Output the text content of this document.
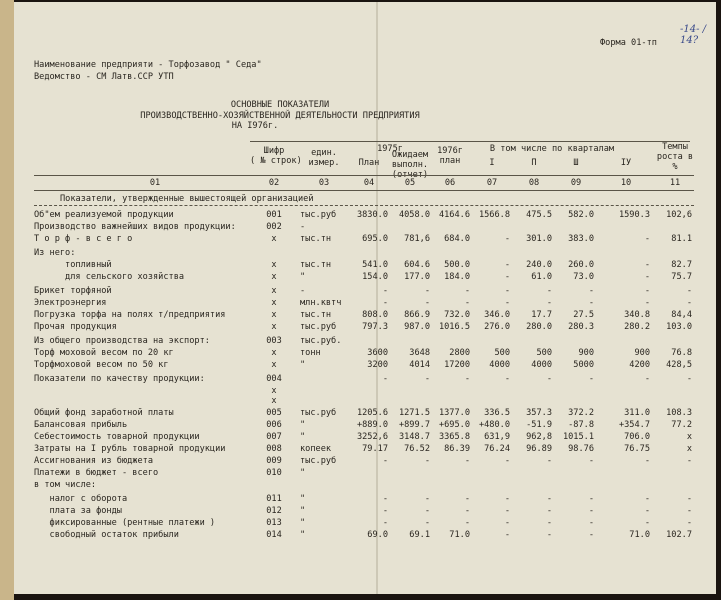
Форма 01-тп
-14- / 14?
Наименование предприяти - Торфозавод " Седа"
Ведомство - СМ Латв.ССР УТП
ОСНОВНЫЕ ПОКАЗАТЕЛИ
ПРОИЗВОДСТВЕННО-ХОЗЯЙСТВЕННОЙ ДЕЯТЕЛЬНОСТИ ПРЕДПРИЯТИЯ
НА I976г.
Шифр
( № строк)
един. измер.
1975г
План
Ожидаем выполн. (отчет)
1976г план
В том числе по кварталам
I	П	Ш	IУ
Темпы роста в %
01	02	03	04	05	06	07	08	09	10	11
Показатели, утвержденные вышестоящей организацией
Об"ем реализуемой продукции	001	тыс.руб	3830.0	4058.0	4164.6	1566.8	475.5	582.0	1590.3	102,6
Производство важнейших видов продукции:	002	-
Т о р ф - в с е г о	х	тыс.тн	695.0	781,6	684.0	-	301.0	383.0	-	81.1
Из него:
топливный	х	тыс.тн	541.0	604.6	500.0	-	240.0	260.0	-	82.7
для сельского хозяйства	х	"	154.0	177.0	184.0	-	61.0	73.0	-	75.7
Брикет торфяной	х	-	-	-	-	-	-	-	-	-
Электроэнергия	х	млн.квтч	-	-	-	-	-	-	-	-
Погрузка торфа на полях т/предприятия	х	тыс.тн	808.0	866.9	732.0	346.0	17.7	27.5	340.8	84,4
Прочая продукция	х	тыс.руб	797.3	987.0	1016.5	276.0	280.0	280.3	280.2	103.0
Из общего производства на экспорт:	003	тыс.руб.
Торф моховой весом по 20 кг	х	тонн	3600	3648	2800	500	500	900	900	76.8
Торфмоховой весом по 50 кг	х	"	3200	4014	17200	4000	4000	5000	4200	428,5
Показатели по качеству продукции:	004	-	-	-	-	-	-	-	-
х
х
Общий фонд заработной платы	005	тыс.руб	1205.6	1271.5	1377.0	336.5	357.3	372.2	311.0	108.3
Балансовая прибыль	006	"	+889.0	+899.7	+695.0	+480.0	-51.9	-87.8	+354.7	77.2
Себестоимость товарной продукции	007	"	3252,6	3148.7	3365.8	631,9	962,8	1015.1	706.0	х
Затраты на I рубль товарной продукции	008	копеек	79.17	76.52	86.39	76.24	96.89	98.76	76.75	х
Ассигнования из бюджета	009	тыс.руб	-	-	-	-	-	-	-	-
Платежи в бюджет - всего	010	"
в том числе:
налог с оборота	011	"	-	-	-	-	-	-	-	-
плата за фонды	012	"	-	-	-	-	-	-	-	-
фиксированные (рентные платежи )	013	"	-	-	-	-	-	-	-	-
свободный остаток прибыли	014	"	69.0	69.1	71.0	-	-	-	71.0	102.7
